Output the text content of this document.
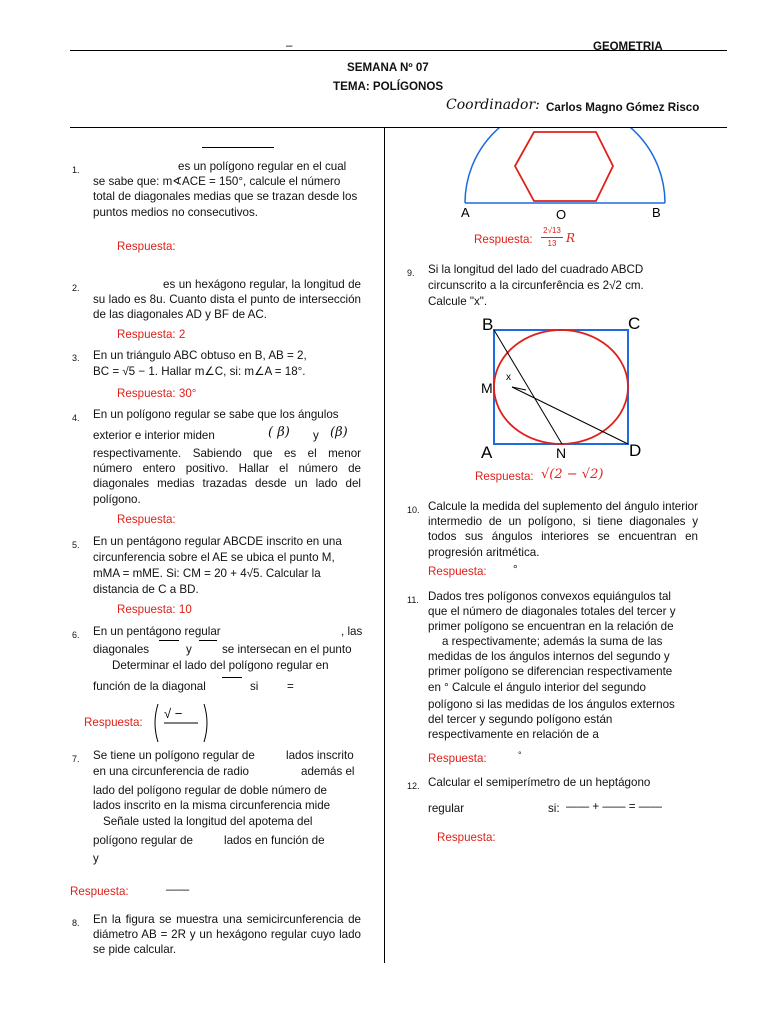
–	GEOMETRIA
SEMANA Nº 07
TEMA: POLÍGONOS
Coordinador: Carlos Magno Gómez Risco
1.	es un polígono regular en el cual se sabe que: m∢ACE = 150°, calcule el número total de diagonales medias que se trazan desde los puntos medios no consecutivos.
Respuesta:
2.	es un hexágono regular, la longitud de su lado es 8u. Cuanto dista el punto de intersección de las diagonales AD y BF de AC.
Respuesta: 2
3. En un triángulo ABC obtuso en B, AB = 2,
BC = √5 − 1. Hallar m∠C, si: m∠A = 18°.
Respuesta: 30°
4. En un polígono regular se sabe que los ángulos
exterior e interior miden	( β) y (β)
respectivamente. Sabiendo que es el menor número entero positivo. Hallar el número de diagonales medias trazadas desde un lado del polígono.
Respuesta:
5. En un pentágono regular ABCDE inscrito en una
circunferencia sobre el AE se ubica el punto M,
mMA = mME. Si: CM = 20 + 4√5. Calcular la
distancia de C a BD.
Respuesta: 10
6. En un pentágono regular	, las
diagonales	y	se intersecan en el punto
Determinar el lado del polígono regular en
función de la diagonal	si =
Respuesta:
√ −
7. Se tiene un polígono regular de	lados inscrito
en una circunferencia de radio	además el
lado del polígono regular de doble número de
lados inscrito en la misma circunferencia mide
Señale usted la longitud del apotema del
polígono regular de	lados en función de
y
Respuesta:	——
8. En la figura se muestra una semicircunferencia de diámetro AB = 2R y un hexágono regular cuyo lado se pide calcular.
A	O	B
Respuesta:
2√13
13 R
9. Si la longitud del lado del cuadrado ABCD
circunscrito a la circunferência es 2√2 cm.
Calcule "x".
B	C
M
x
A	N	D
Respuesta: √(2 − √2)
10. Calcule la medida del suplemento del ángulo interior intermedio de un polígono, si tiene diagonales y todos sus ángulos interiores se encuentran en progresión aritmética.
Respuesta: °
11. Dados tres polígonos convexos equiángulos tal
que el número de diagonales totales del tercer y
primer polígono se encuentran en la relación de
a respectivamente; además la suma de las
medidas de los ángulos internos del segundo y
primer polígono se diferencian respectivamente
en ° Calcule el ángulo interior del segundo
polígono si las medidas de los ángulos externos
del tercer y segundo polígono están
respectivamente en relación de a
Respuesta:	°
12. Calcular el semiperímetro de un heptágono
regular	si: —— + —— = ——
Respuesta:
